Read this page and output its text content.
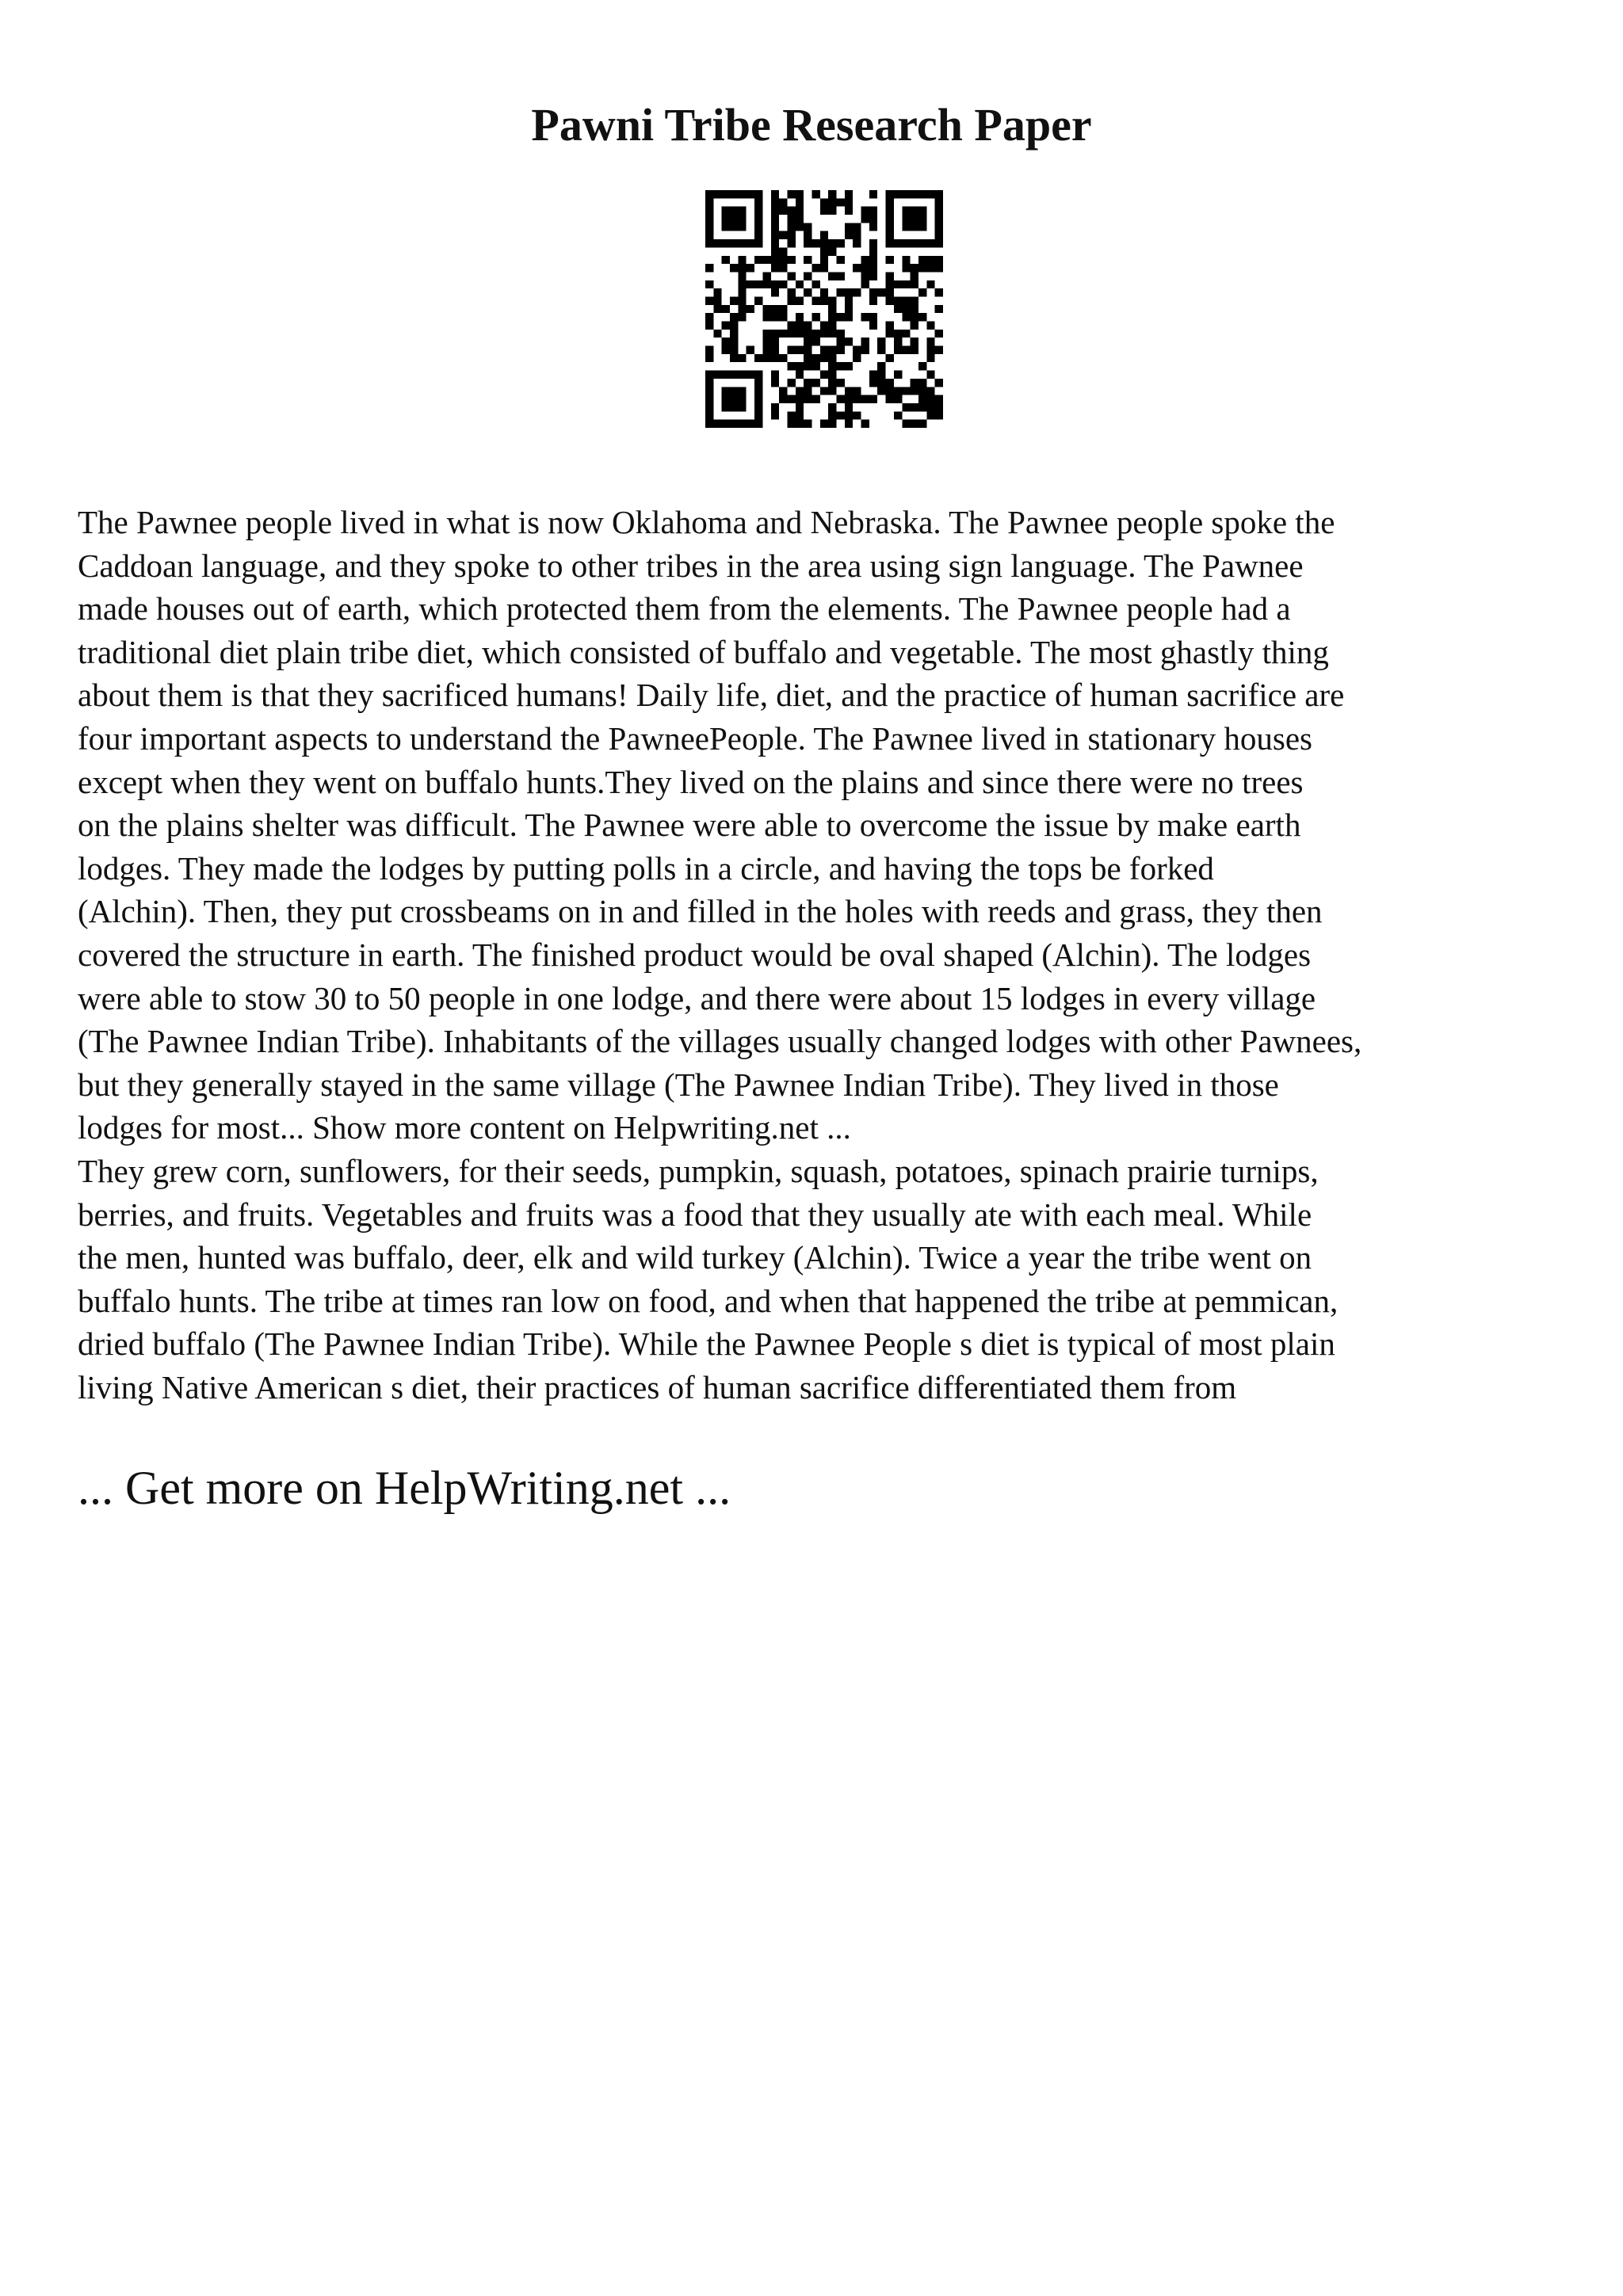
Pawni Tribe Research Paper

The Pawnee people lived in what is now Oklahoma and Nebraska. The Pawnee people spoke the
Caddoan language, and they spoke to other tribes in the area using sign language. The Pawnee
made houses out of earth, which protected them from the elements. The Pawnee people had a
traditional diet plain tribe diet, which consisted of buffalo and vegetable. The most ghastly thing
about them is that they sacrificed humans! Daily life, diet, and the practice of human sacrifice are
four important aspects to understand the PawneePeople. The Pawnee lived in stationary houses
except when they went on buffalo hunts.They lived on the plains and since there were no trees
on the plains shelter was difficult. The Pawnee were able to overcome the issue by make earth
lodges. They made the lodges by putting polls in a circle, and having the tops be forked
(Alchin). Then, they put crossbeams on in and filled in the holes with reeds and grass, they then
covered the structure in earth. The finished product would be oval shaped (Alchin). The lodges
were able to stow 30 to 50 people in one lodge, and there were about 15 lodges in every village
(The Pawnee Indian Tribe). Inhabitants of the villages usually changed lodges with other Pawnees,
but they generally stayed in the same village (The Pawnee Indian Tribe). They lived in those
lodges for most... Show more content on Helpwriting.net ...

They grew corn, sunflowers, for their seeds, pumpkin, squash, potatoes, spinach prairie turnips,
berries, and fruits. Vegetables and fruits was a food that they usually ate with each meal. While
the men, hunted was buffalo, deer, elk and wild turkey (Alchin). Twice a year the tribe went on
buffalo hunts. The tribe at times ran low on food, and when that happened the tribe at pemmican,
dried buffalo (The Pawnee Indian Tribe). While the Pawnee People s diet is typical of most plain
living Native American s diet, their practices of human sacrifice differentiated them from

... Get more on HelpWriting.net ...
